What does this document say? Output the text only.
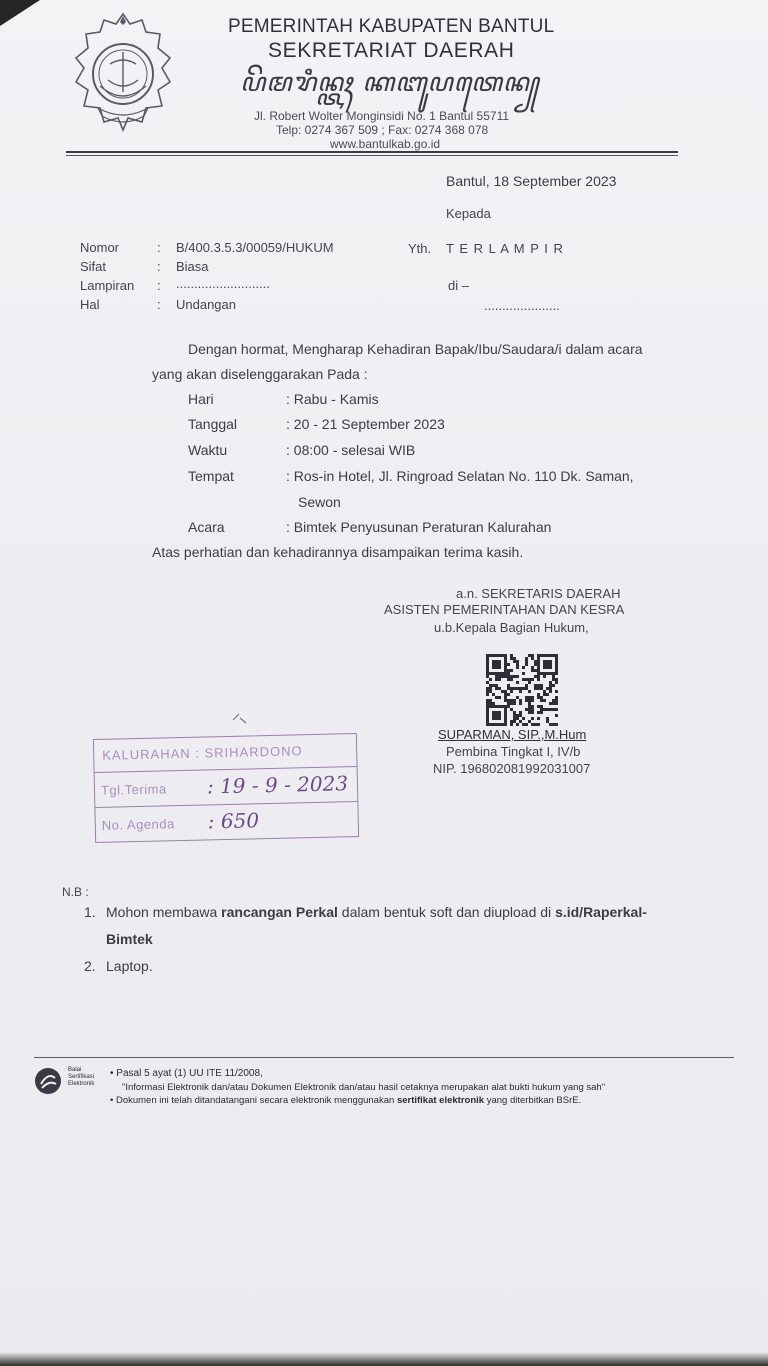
PEMERINTAH KABUPATEN BANTUL
SEKRETARIAT DAERAH
ꦥꦼꦩꦫꦶꦤ꧀ꦠꦃ ꦏꦧꦸꦥꦠꦺꦤ꧀
Jl. Robert Wolter Monginsidi No. 1 Bantul 55711
Telp: 0274 367 509 ; Fax: 0274 368 078
www.bantulkab.go.id
Bantul, 18 September 2023
Kepada
Nomor	: B/400.3.5.3/00059/HUKUM
Sifat	: Biasa
Lampiran : ..........................
Hal	: Undangan
Yth. T E R L A M P I R
di –
.....................
Dengan hormat, Mengharap Kehadiran Bapak/Ibu/Saudara/i dalam acara
yang akan diselenggarakan Pada :
Hari	: Rabu - Kamis
Tanggal	: 20 - 21 September 2023
Waktu	: 08:00 - selesai WIB
Tempat	: Ros-in Hotel, Jl. Ringroad Selatan No. 110 Dk. Saman,
Sewon
Acara	: Bimtek Penyusunan Peraturan Kalurahan
Atas perhatian dan kehadirannya disampaikan terima kasih.
a.n. SEKRETARIS DAERAH
ASISTEN PEMERINTAHAN DAN KESRA
u.b.Kepala Bagian Hukum,
SUPARMAN, SIP.,M.Hum
Pembina Tingkat I, IV/b
NIP. 196802081992031007
KALURAHAN : SRIHARDONO
Tgl.Terima : 19 - 9 - 2023
No. Agenda : 650
N.B :
1. Mohon membawa rancangan Perkal dalam bentuk soft dan diupload di s.id/Raperkal-
Bimtek
2. Laptop.
Balai
Sertifikasi
Elektronik
• Pasal 5 ayat (1) UU ITE 11/2008,
"Informasi Elektronik dan/atau Dokumen Elektronik dan/atau hasil cetaknya merupakan alat bukti hukum yang sah"
• Dokumen ini telah ditandatangani secara elektronik menggunakan sertifikat elektronik yang diterbitkan BSrE.
